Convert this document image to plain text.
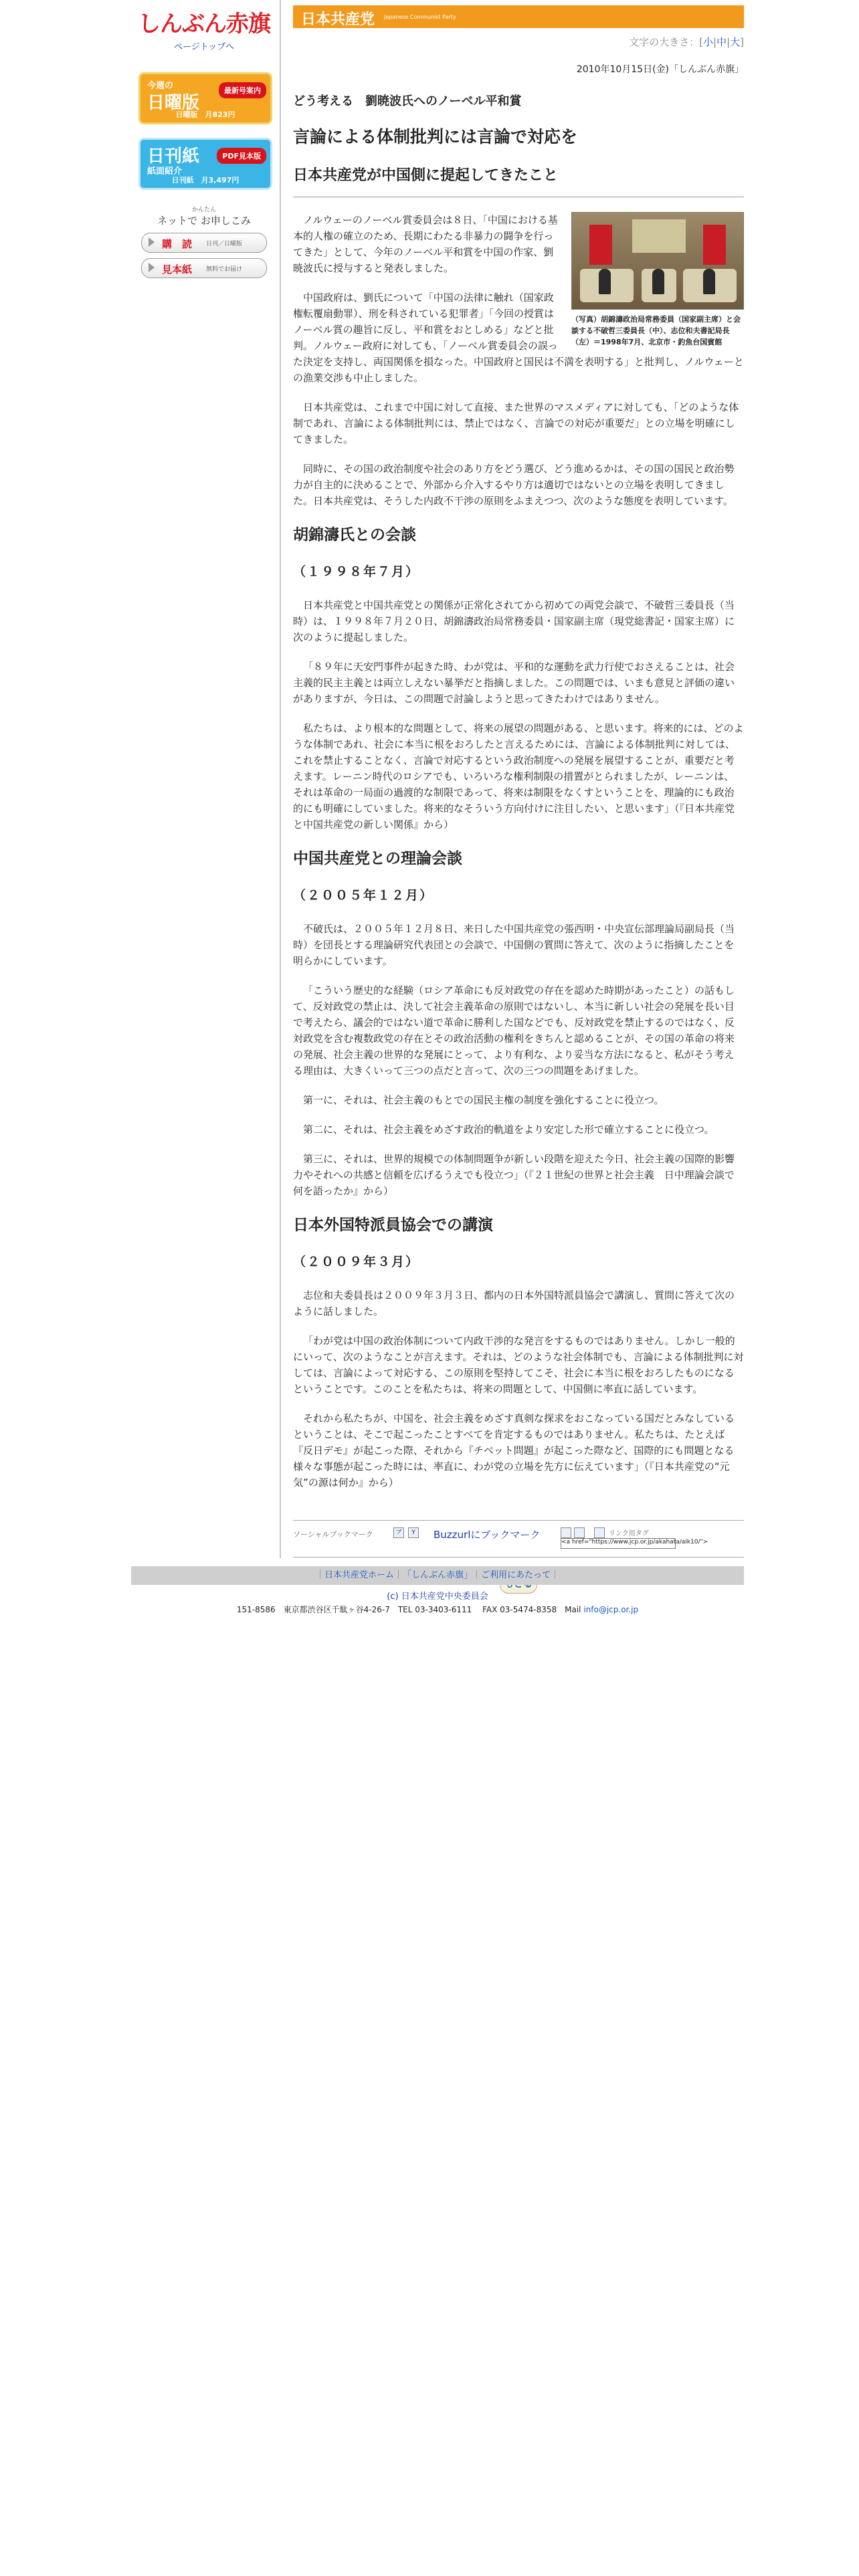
しんぶん赤旗
ページトップへ
今週の
日曜版
最新号案内
日曜版　月823円
日刊紙
紙面紹介
PDF見本版
日刊紙　月3,497円
かんたん
ネットで お申しこみ
購　読 日刊／日曜版
見本紙 無料でお届け
日本共産党 Japanese Communist Party
文字の大きさ：[小|中|大]
2010年10月15日(金)「しんぶん赤旗」
どう考える　劉暁波氏へのノーベル平和賞
言論による体制批判には言論で対応を
日本共産党が中国側に提起してきたこと
（写真）胡錦濤政治局常務委員（国家副主席）と会談する不破哲三委員長（中）、志位和夫書記局長（左）＝1998年7月、北京市・釣魚台国賓館

ノルウェーのノーベル賞委員会は８日、「中国における基本的人権の確立のため、長期にわたる非暴力の闘争を行ってきた」として、今年のノーベル平和賞を中国の作家、劉暁波氏に授与すると発表しました。

中国政府は、劉氏について「中国の法律に触れ（国家政権転覆扇動罪）、刑を科されている犯罪者」「今回の授賞はノーベル賞の趣旨に反し、平和賞をおとしめる」などと批判。ノルウェー政府に対しても、「ノーベル賞委員会の誤った決定を支持し、両国関係を損なった。中国政府と国民は不満を表明する」と批判し、ノルウェーとの漁業交渉も中止しました。

日本共産党は、これまで中国に対して直接、また世界のマスメディアに対しても、「どのような体制であれ、言論による体制批判には、禁止ではなく、言論での対応が重要だ」との立場を明確にしてきました。

同時に、その国の政治制度や社会のあり方をどう選び、どう進めるかは、その国の国民と政治勢力が自主的に決めることで、外部から介入するやり方は適切ではないとの立場を表明してきました。日本共産党は、そうした内政不干渉の原則をふまえつつ、次のような態度を表明しています。

胡錦濤氏との会談
（１９９８年７月）

日本共産党と中国共産党との関係が正常化されてから初めての両党会談で、不破哲三委員長（当時）は、１９９８年７月２０日、胡錦濤政治局常務委員・国家副主席（現党総書記・国家主席）に次のように提起しました。

「８９年に天安門事件が起きた時、わが党は、平和的な運動を武力行使でおさえることは、社会主義的民主主義とは両立しえない暴挙だと指摘しました。この問題では、いまも意見と評価の違いがありますが、今日は、この問題で討論しようと思ってきたわけではありません。

私たちは、より根本的な問題として、将来の展望の問題がある、と思います。将来的には、どのような体制であれ、社会に本当に根をおろしたと言えるためには、言論による体制批判に対しては、これを禁止することなく、言論で対応するという政治制度への発展を展望することが、重要だと考えます。レーニン時代のロシアでも、いろいろな権利制限の措置がとられましたが、レーニンは、それは革命の一局面の過渡的な制限であって、将来は制限をなくすということを、理論的にも政治的にも明確にしていました。将来的なそういう方向付けに注目したい、と思います」（『日本共産党と中国共産党の新しい関係』から）

中国共産党との理論会談
（２００５年１２月）

不破氏は、２００５年１２月８日、来日した中国共産党の張西明・中央宣伝部理論局副局長（当時）を団長とする理論研究代表団との会談で、中国側の質問に答えて、次のように指摘したことを明らかにしています。

「こういう歴史的な経験（ロシア革命にも反対政党の存在を認めた時期があったこと）の話もして、反対政党の禁止は、決して社会主義革命の原則ではないし、本当に新しい社会の発展を長い目で考えたら、議会的ではない道で革命に勝利した国などでも、反対政党を禁止するのではなく、反対政党を含む複数政党の存在とその政治活動の権利をきちんと認めることが、その国の革命の将来の発展、社会主義の世界的な発展にとって、より有利な、より妥当な方法になると、私がそう考える理由は、大きくいって三つの点だと言って、次の三つの問題をあげました。

第一に、それは、社会主義のもとでの国民主権の制度を強化することに役立つ。

第二に、それは、社会主義をめざす政治的軌道をより安定した形で確立することに役立つ。

第三に、それは、世界的規模での体制問題争が新しい段階を迎えた今日、社会主義の国際的影響力やそれへの共感と信頼を広げるうえでも役立つ」（『２１世紀の世界と社会主義　日中理論会談で何を語ったか』から）

日本外国特派員協会での講演
（２００９年３月）

志位和夫委員長は２００９年３月３日、都内の日本外国特派員協会で講演し、質問に答えて次のように話しました。

「わが党は中国の政治体制について内政干渉的な発言をするものではありません。しかし一般的にいって、次のようなことが言えます。それは、どのような社会体制でも、言論による体制批判に対しては、言論によって対応する、この原則を堅持してこそ、社会に本当に根をおろしたものになるということです。このことを私たちは、将来の問題として、中国側に率直に話しています。

それから私たちが、中国を、社会主義をめざす真剣な探求をおこなっている国だとみなしているということは、そこで起こったことすべてを肯定するものではありません。私たちは、たとえば『反日デモ』が起こった際、それから『チベット問題』が起こった際など、国際的にも問題となる様々な事態が起こった時には、率直に、わが党の立場を先方に伝えています」（『日本共産党の“元気”の源は何か』から）

ソーシャルブックマーク	ブ	Y	Buzzurlにブックマーク	リンク用タグ
<a href="https://www.jcp.or.jp/akahata/aik10/">
｜日本共産党ホーム｜「しんぶん赤旗」｜ご利用にあたって｜
(c) 日本共産党中央委員会
151-8586　東京都渋谷区千駄ヶ谷4-26-7　TEL 03-3403-6111　 FAX 03-5474-8358　Mail info@jcp.or.jp
